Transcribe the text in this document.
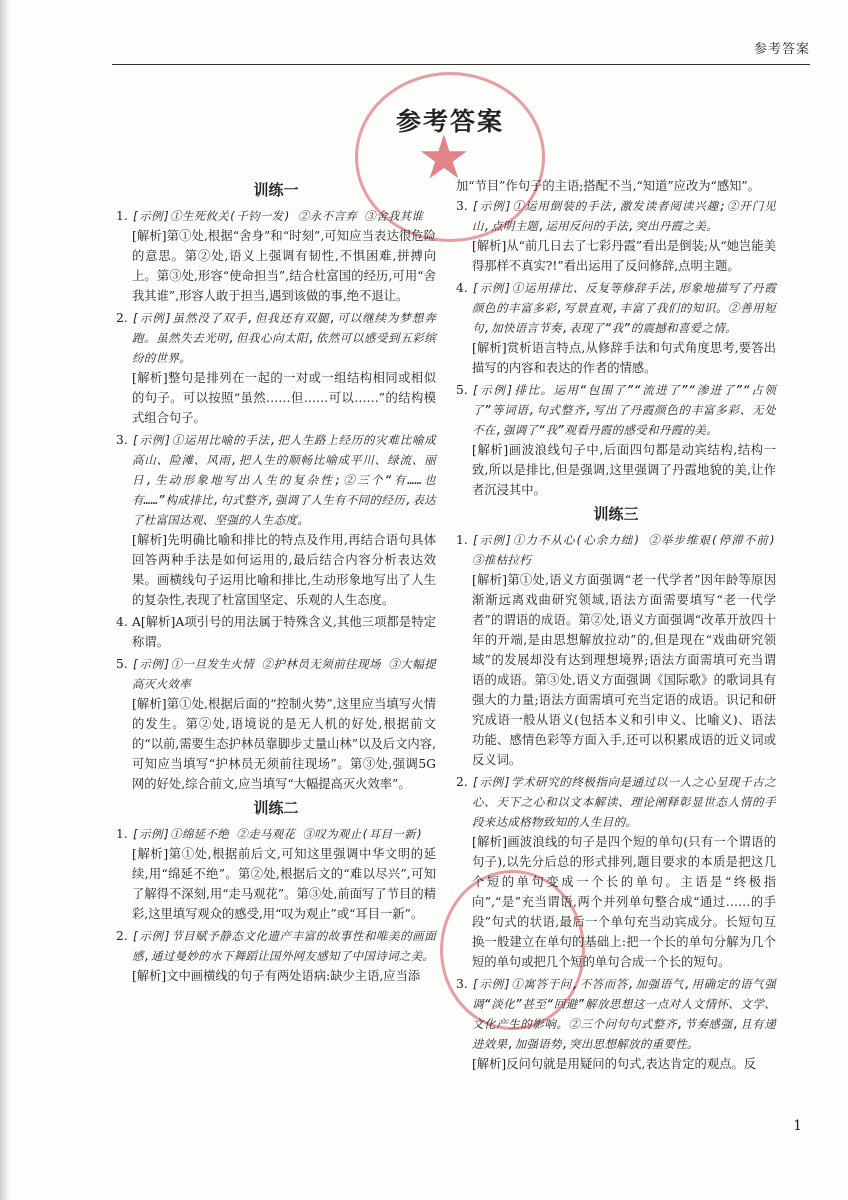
参考答案
★
参考答案
训练一
1. [示例]①生死攸关(千钧一发) ②永不言弃 ③舍我其谁

[解析]第①处,根据“舍身”和“时刻”,可知应当表达很危险的意思。第②处,语义上强调有韧性,不惧困难,拼搏向上。第③处,形容“使命担当”,结合杜富国的经历,可用“舍我其谁”,形容人敢于担当,遇到该做的事,绝不退让。

2. [示例]虽然没了双手,但我还有双腿,可以继续为梦想奔跑。虽然失去光明,但我心向太阳,依然可以感受到五彩缤纷的世界。

[解析]整句是排列在一起的一对或一组结构相同或相似的句子。可以按照“虽然……但……可以……”的结构模式组合句子。

3. [示例]①运用比喻的手法,把人生路上经历的灾难比喻成高山、险滩、风雨,把人生的顺畅比喻成平川、绿流、丽日,生动形象地写出人生的复杂性;②三个“有……也有……”构成排比,句式整齐,强调了人生有不同的经历,表达了杜富国达观、坚强的人生态度。

[解析]先明确比喻和排比的特点及作用,再结合语句具体回答两种手法是如何运用的,最后结合内容分析表达效果。画横线句子运用比喻和排比,生动形象地写出了人生的复杂性,表现了杜富国坚定、乐观的人生态度。

4. A[解析]A项引号的用法属于特殊含义,其他三项都是特定称谓。

5. [示例]①一旦发生火情 ②护林员无须前往现场 ③大幅提高灭火效率

[解析]第①处,根据后面的“控制火势”,这里应当填写火情的发生。第②处,语境说的是无人机的好处,根据前文的“以前,需要生态护林员靠脚步丈量山林”以及后文内容,可知应当填写“护林员无须前往现场”。第③处,强调5G网的好处,综合前文,应当填写“大幅提高灭火效率”。

训练二
1. [示例]①绵延不绝 ②走马观花 ③叹为观止(耳目一新)

[解析]第①处,根据前后文,可知这里强调中华文明的延续,用“绵延不绝”。第②处,根据后文的“难以尽兴”,可知了解得不深刻,用“走马观花”。第③处,前面写了节目的精彩,这里填写观众的感受,用“叹为观止”或“耳目一新”。

2. [示例]节目赋予静态文化遗产丰富的故事性和唯美的画面感,通过曼妙的水下舞蹈让国外网友感知了中国诗词之美。

[解析]文中画横线的句子有两处语病:缺少主语,应当添

加“节目”作句子的主语;搭配不当,“知道”应改为“感知”。

3. [示例]①运用倒装的手法,激发读者阅读兴趣;②开门见山,点明主题,运用反问的手法,突出丹霞之美。

[解析]从“前几日去了七彩丹霞”看出是倒装;从“她岂能美得那样不真实?!”看出运用了反问修辞,点明主题。

4. [示例]①运用排比、反复等修辞手法,形象地描写了丹霞颜色的丰富多彩,写景直观,丰富了我们的知识。②善用短句,加快语言节奏,表现了“我”的震撼和喜爱之情。

[解析]赏析语言特点,从修辞手法和句式角度思考,要答出描写的内容和表达的作者的情感。

5. [示例]排比。运用“包围了”“流进了”“渗进了”“占领了”等词语,句式整齐,写出了丹霞颜色的丰富多彩、无处不在,强调了“我”观看丹霞的感受和丹霞的美。

[解析]画波浪线句子中,后面四句都是动宾结构,结构一致,所以是排比,但是强调,这里强调了丹霞地貌的美,让作者沉浸其中。

训练三
1. [示例]①力不从心(心余力绌) ②举步维艰(停滞不前) ③推枯拉朽

[解析]第①处,语义方面强调“老一代学者”因年龄等原因渐渐远离戏曲研究领域,语法方面需要填写“老一代学者”的谓语的成语。第②处,语义方面强调“改革开放四十年的开端,是由思想解放拉动”的,但是现在“戏曲研究领域”的发展却没有达到理想境界;语法方面需填可充当谓语的成语。第③处,语义方面强调《国际歌》的歌词具有强大的力量;语法方面需填可充当定语的成语。识记和研究成语一般从语义(包括本义和引申义、比喻义)、语法功能、感情色彩等方面入手,还可以积累成语的近义词或反义词。

2. [示例]学术研究的终极指向是通过以一人之心呈现千古之心、天下之心和以文本解读、理论阐释彰显世态人情的手段来达成格物致知的人生目的。

[解析]画波浪线的句子是四个短的单句(只有一个谓语的句子),以先分后总的形式排列,题目要求的本质是把这几个短的单句变成一个长的单句。主语是“终极指向”,“是”充当谓语,两个并列单句整合成“通过……的手段”句式的状语,最后一个单句充当动宾成分。长短句互换一般建立在单句的基础上:把一个长的单句分解为几个短的单句或把几个短的单句合成一个长的短句。

3. [示例]①寓答于问,不答而答,加强语气,用确定的语气强调“淡化”甚至“回避”解放思想这一点对人文情怀、文学、文化产生的影响。②三个问句句式整齐,节奏感强,且有递进效果,加强语势,突出思想解放的重要性。

[解析]反问句就是用疑问的句式,表达肯定的观点。反

1
